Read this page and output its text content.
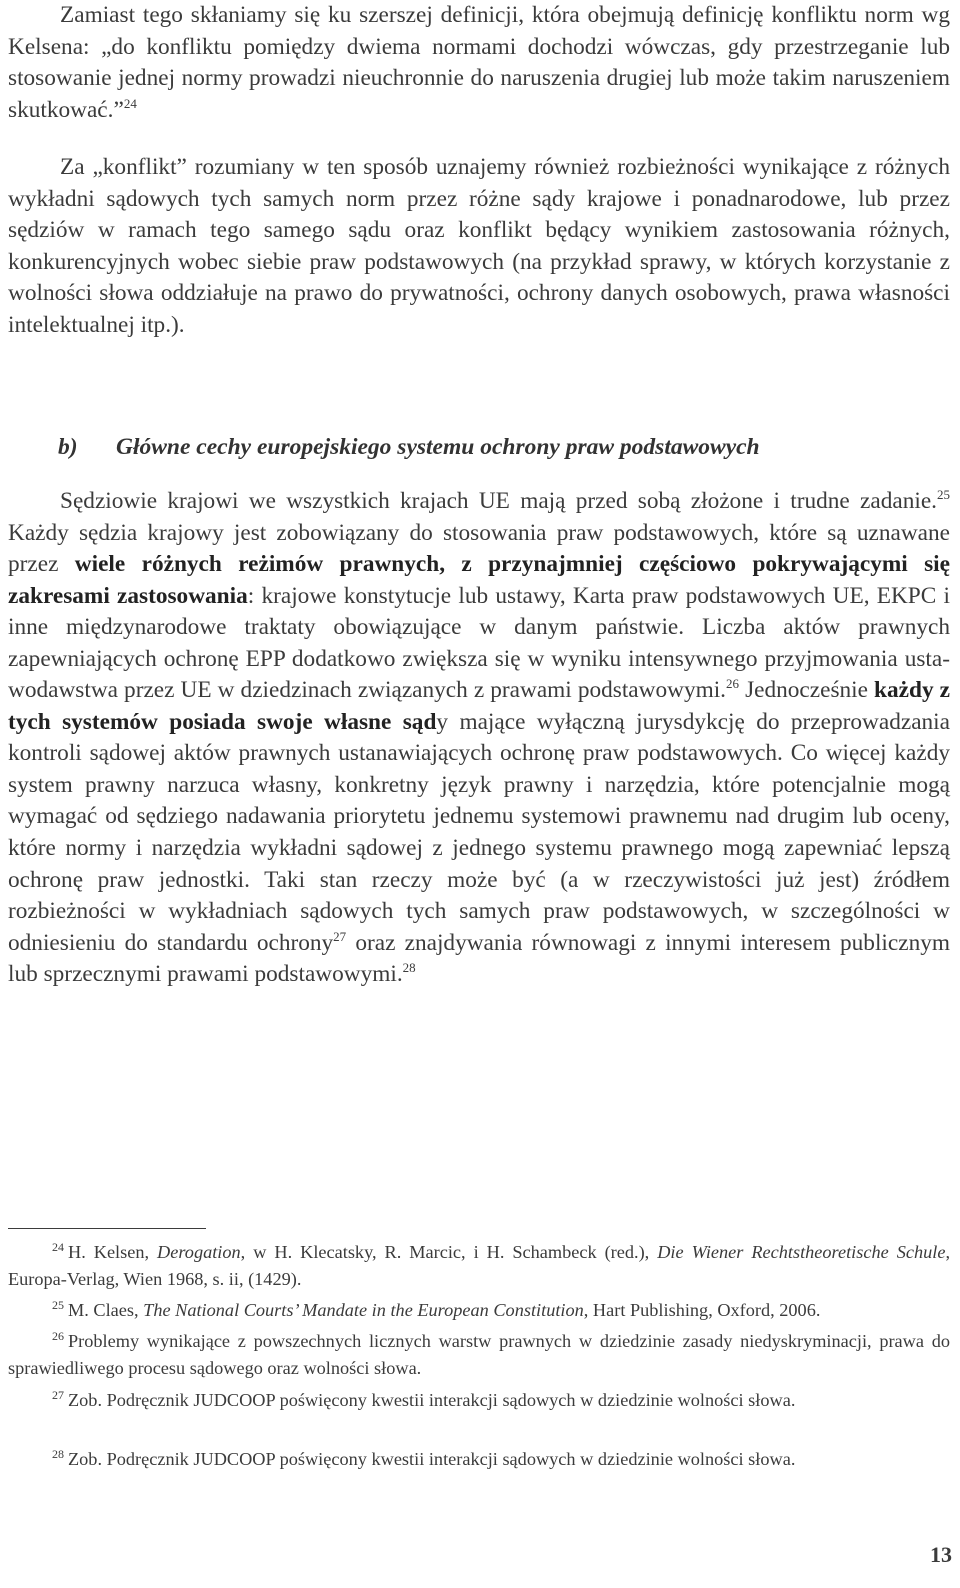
Zamiast tego skłaniamy się ku szerszej definicji, która obejmują definicję konfliktu norm wg Kelsena: „do konfliktu pomiędzy dwiema normami dochodzi wówczas, gdy przestrzeganie lub stosowanie jednej normy prowadzi nieuchronnie do naruszenia drugiej lub może takim naruszeniem skutkować.”$^{24}$

Za „konflikt” rozumiany w ten sposób uznajemy również rozbieżności wynikające z różnych wykładni sądowych tych samych norm przez różne sądy krajowe i ponadnarodowe, lub przez sędziów w ramach tego samego sądu oraz konflikt będący wynikiem zastosowania różnych, konkurencyjnych wobec siebie praw podstawowych (na przykład sprawy, w których korzystanie z wolności słowa oddziałuje na prawo do prywatności, ochrony danych osobowych, prawa własności intelektualnej itp.).

b) Główne cechy europejskiego systemu ochrony praw podstawowych

Sędziowie krajowi we wszystkich krajach UE mają przed sobą złożone i trudne zadanie.$^{25}$ Każdy sędzia krajowy jest zobowiązany do stosowania praw podstawowych, które są uznawane przez wiele różnych reżimów prawnych, z przynajmniej częściowo pokrywającymi się zakresami zastosowania: krajowe konstytucje lub ustawy, Karta praw podstawowych UE, EKPC i inne międzynarodowe traktaty obowiązujące w danym państwie. Liczba aktów prawnych zapewniających ochronę EPP dodatkowo zwiększa się w wyniku intensywnego przyjmowania ustawodawstwa przez UE w dziedzinach związanych z prawami podstawowymi.$^{26}$ Jednocześnie każdy z tych systemów posiada swoje własne sądy mające wyłączną jurysdykcję do przeprowadzania kontroli sądowej aktów prawnych ustanawiających ochronę praw podstawowych. Co więcej każdy system prawny narzuca własny, konkretny język prawny i narzędzia, które potencjalnie mogą wymagać od sędziego nadawania priorytetu jednemu systemowi prawnemu nad drugim lub oceny, które normy i narzędzia wykładni sądowej z jednego systemu prawnego mogą zapewniać lepszą ochronę praw jednostki. Taki stan rzeczy może być (a w rzeczywistości już jest) źródłem rozbieżności w wykładniach sądowych tych samych praw podstawowych, w szczególności w odniesieniu do standardu ochrony$^{27}$ oraz znajdywania równowagi z innymi interesem publicznym lub sprzecznymi prawami podstawowymi.$^{28}$

$^{24}$ H. Kelsen, Derogation, w H. Klecatsky, R. Marcic, i H. Schambeck (red.), Die Wiener Rechtstheoretische Schule, Europa-Verlag, Wien 1968, s. ii, (1429).

$^{25}$ M. Claes, The National Courts’ Mandate in the European Constitution, Hart Publishing, Oxford, 2006.

$^{26}$ Problemy wynikające z powszechnych licznych warstw prawnych w dziedzinie zasady niedyskryminacji, prawa do sprawiedliwego procesu sądowego oraz wolności słowa.

$^{27}$ Zob. Podręcznik JUDCOOP poświęcony kwestii interakcji sądowych w dziedzinie wolności słowa.

$^{28}$ Zob. Podręcznik JUDCOOP poświęcony kwestii interakcji sądowych w dziedzinie wolności słowa.

13
